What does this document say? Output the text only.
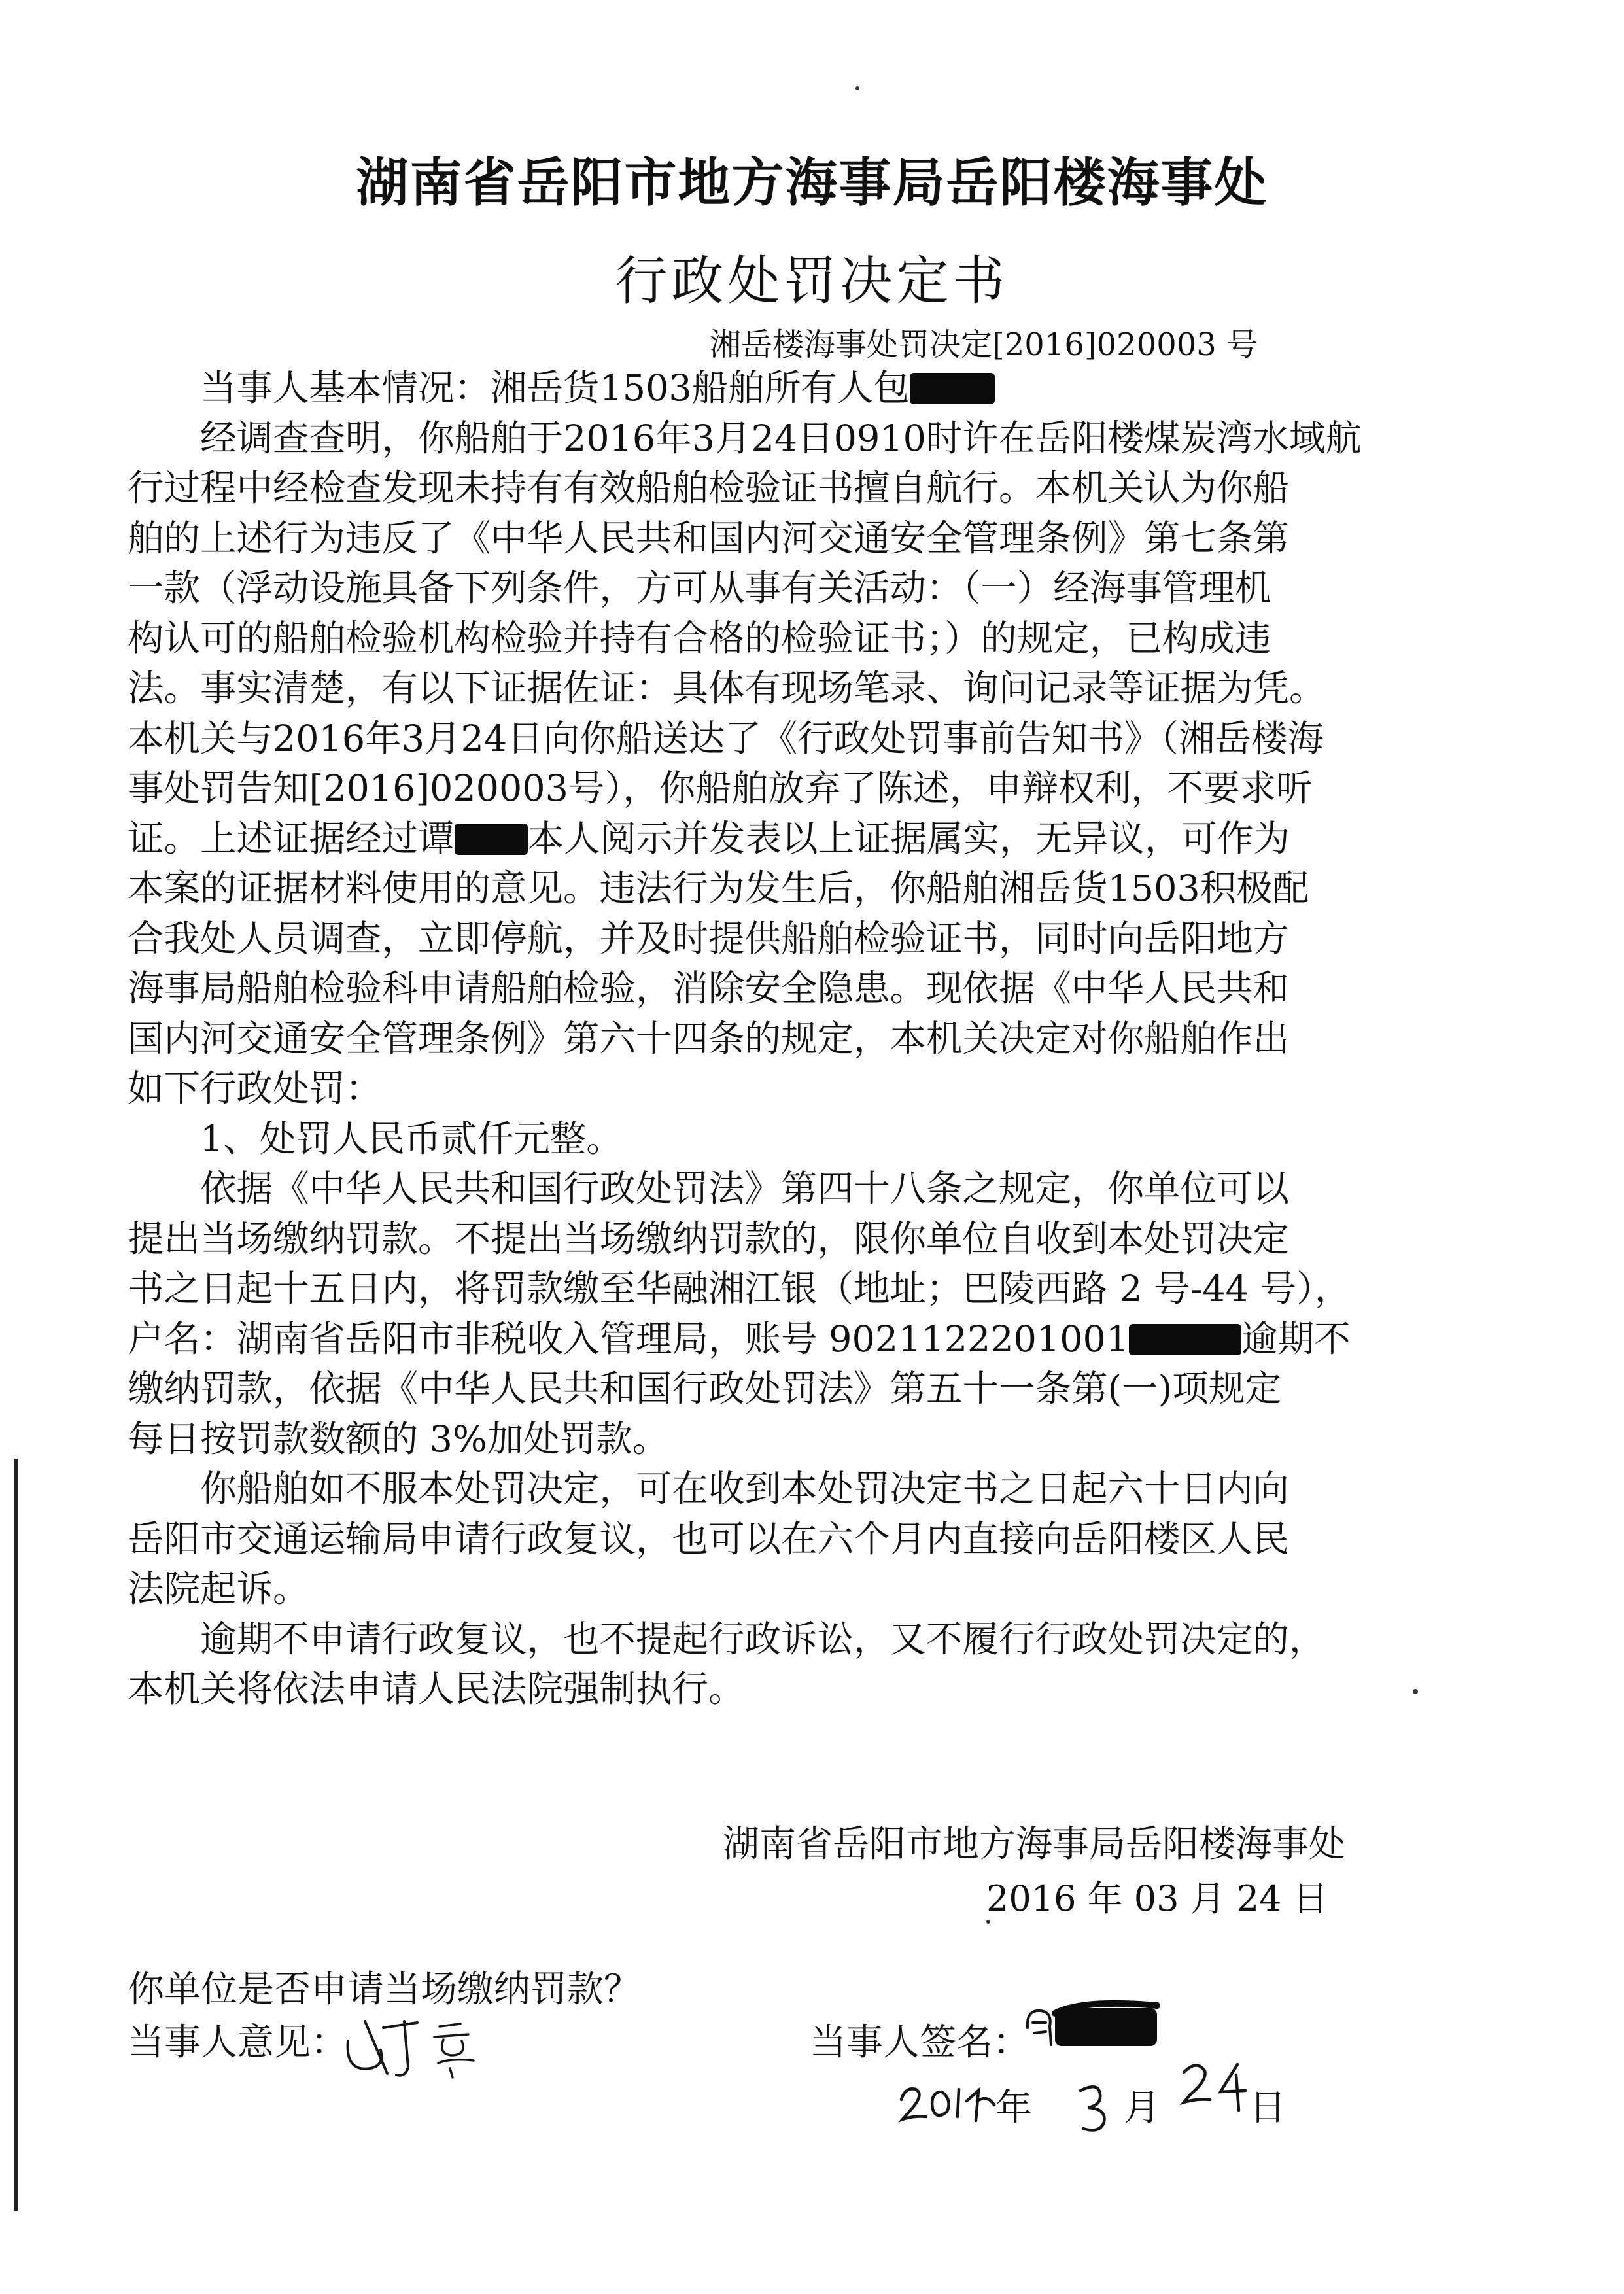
湖南省岳阳市地方海事局岳阳楼海事处
行政处罚决定书
湘岳楼海事处罚决定[2016]020003 号

当事人基本情况：湘岳货1503船舶所有人包

经调查查明，你船舶于2016年3月24日0910时许在岳阳楼煤炭湾水域航

行过程中经检查发现未持有有效船舶检验证书擅自航行。本机关认为你船

舶的上述行为违反了《中华人民共和国内河交通安全管理条例》第七条第

一款（浮动设施具备下列条件，方可从事有关活动：（一）经海事管理机

构认可的船舶检验机构检验并持有合格的检验证书；）的规定，已构成违

法。事实清楚，有以下证据佐证：具体有现场笔录、询问记录等证据为凭。

本机关与2016年3月24日向你船送达了《行政处罚事前告知书》（湘岳楼海

事处罚告知[2016]020003号），你船舶放弃了陈述，申辩权利，不要求听

证。上述证据经过谭 本人阅示并发表以上证据属实，无异议，可作为

本案的证据材料使用的意见。违法行为发生后，你船舶湘岳货1503积极配

合我处人员调查，立即停航，并及时提供船舶检验证书，同时向岳阳地方

海事局船舶检验科申请船舶检验，消除安全隐患。现依据《中华人民共和

国内河交通安全管理条例》第六十四条的规定，本机关决定对你船舶作出

如下行政处罚：

1、处罚人民币贰仟元整。

依据《中华人民共和国行政处罚法》第四十八条之规定，你单位可以

提出当场缴纳罚款。不提出当场缴纳罚款的，限你单位自收到本处罚决定

书之日起十五日内，将罚款缴至华融湘江银（地址；巴陵西路 2 号-44 号），

户名：湖南省岳阳市非税收入管理局，账号 9021122201001	逾期不

缴纳罚款，依据《中华人民共和国行政处罚法》第五十一条第(一)项规定

每日按罚款数额的 3%加处罚款。

你船舶如不服本处罚决定，可在收到本处罚决定书之日起六十日内向

岳阳市交通运输局申请行政复议，也可以在六个月内直接向岳阳楼区人民

法院起诉。

逾期不申请行政复议，也不提起行政诉讼，又不履行行政处罚决定的，

本机关将依法申请人民法院强制执行。

湖南省岳阳市地方海事局岳阳楼海事处
2016 年 03 月 24 日
你单位是否申请当场缴纳罚款？
当事人意见：	当事人签名：
年	月 日
